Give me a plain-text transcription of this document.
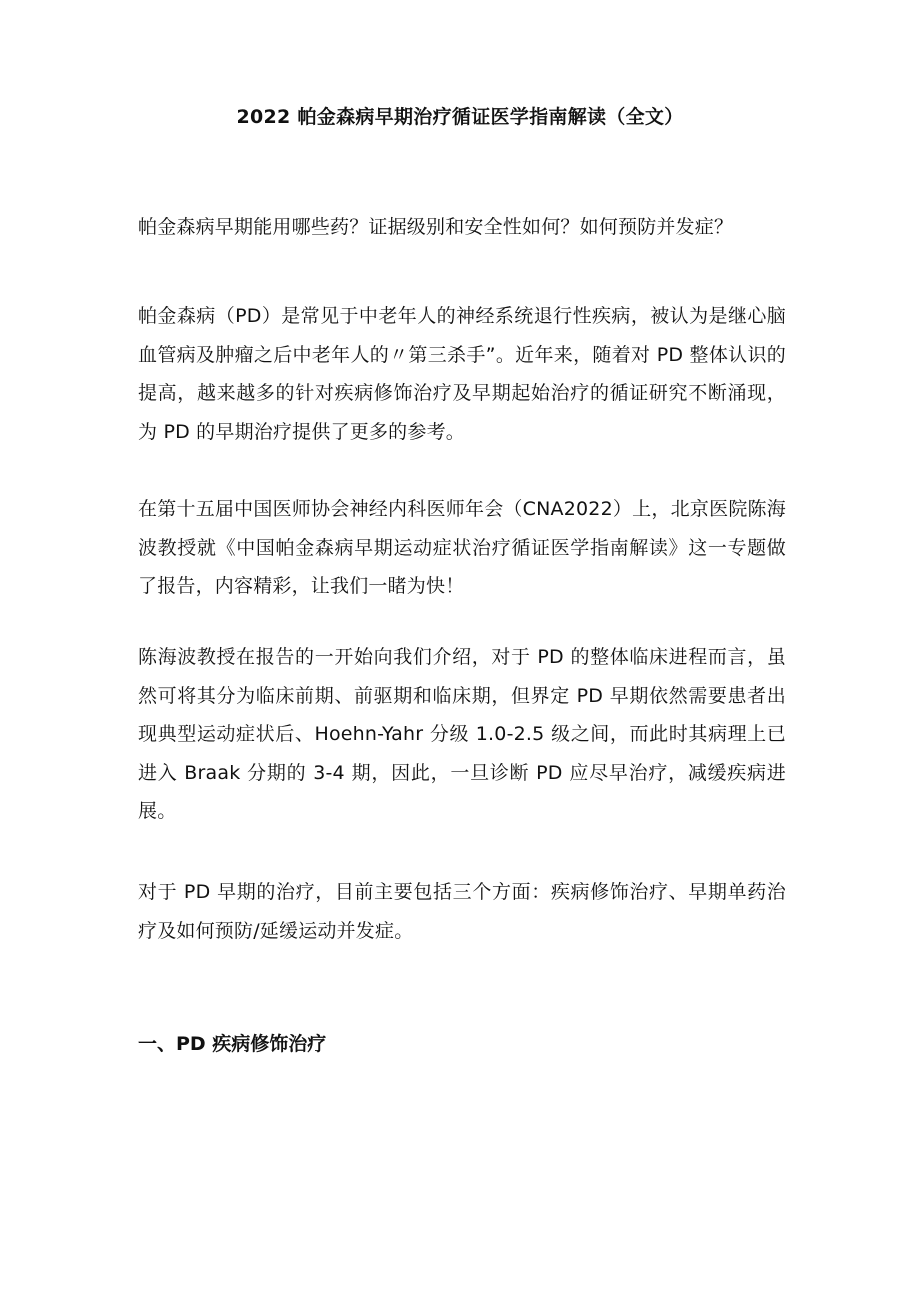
2022 帕金森病早期治疗循证医学指南解读（全文）

帕金森病早期能用哪些药？证据级别和安全性如何？如何预防并发症？

帕金森病（PD）是常见于中老年人的神经系统退行性疾病，被认为是继心脑血管病及肿瘤之后中老年人的〃第三杀手”。近年来，随着对 PD 整体认识的提高，越来越多的针对疾病修饰治疗及早期起始治疗的循证研究不断涌现，为 PD 的早期治疗提供了更多的参考。

在第十五届中国医师协会神经内科医师年会（CNA2022）上，北京医院陈海波教授就《中国帕金森病早期运动症状治疗循证医学指南解读》这一专题做了报告，内容精彩，让我们一睹为快！

陈海波教授在报告的一开始向我们介绍，对于 PD 的整体临床进程而言，虽然可将其分为临床前期、前驱期和临床期，但界定 PD 早期依然需要患者出现典型运动症状后、Hoehn-Yahr 分级 1.0-2.5 级之间，而此时其病理上已进入 Braak 分期的 3-4 期，因此，一旦诊断 PD 应尽早治疗，减缓疾病进展。

对于 PD 早期的治疗，目前主要包括三个方面：疾病修饰治疗、早期单药治疗及如何预防/延缓运动并发症。

一、PD 疾病修饰治疗
